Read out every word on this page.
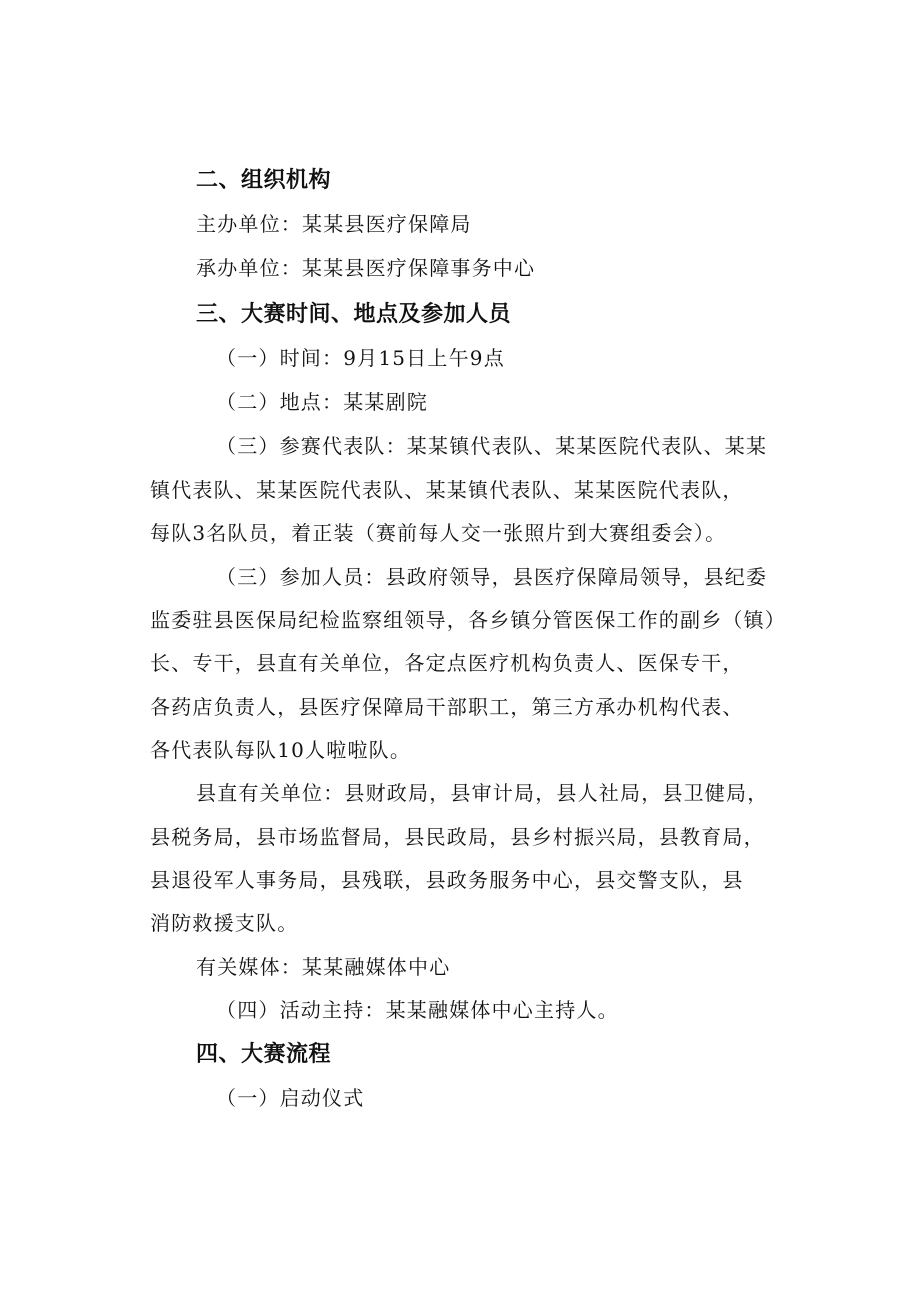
二、组织机构
主办单位：某某县医疗保障局
承办单位：某某县医疗保障事务中心
三、大赛时间、地点及参加人员
（一）时间：9月15日上午9点
（二）地点：某某剧院
（三）参赛代表队：某某镇代表队、某某医院代表队、某某
镇代表队、某某医院代表队、某某镇代表队、某某医院代表队，
每队3名队员，着正装（赛前每人交一张照片到大赛组委会）。
（三）参加人员：县政府领导，县医疗保障局领导，县纪委
监委驻县医保局纪检监察组领导，各乡镇分管医保工作的副乡（镇）
长、专干，县直有关单位，各定点医疗机构负责人、医保专干，
各药店负责人，县医疗保障局干部职工，第三方承办机构代表、
各代表队每队10人啦啦队。
县直有关单位：县财政局，县审计局，县人社局，县卫健局，
县税务局，县市场监督局，县民政局，县乡村振兴局，县教育局，
县退役军人事务局，县残联，县政务服务中心，县交警支队，县
消防救援支队。
有关媒体：某某融媒体中心
（四）活动主持：某某融媒体中心主持人。
四、大赛流程
（一）启动仪式
